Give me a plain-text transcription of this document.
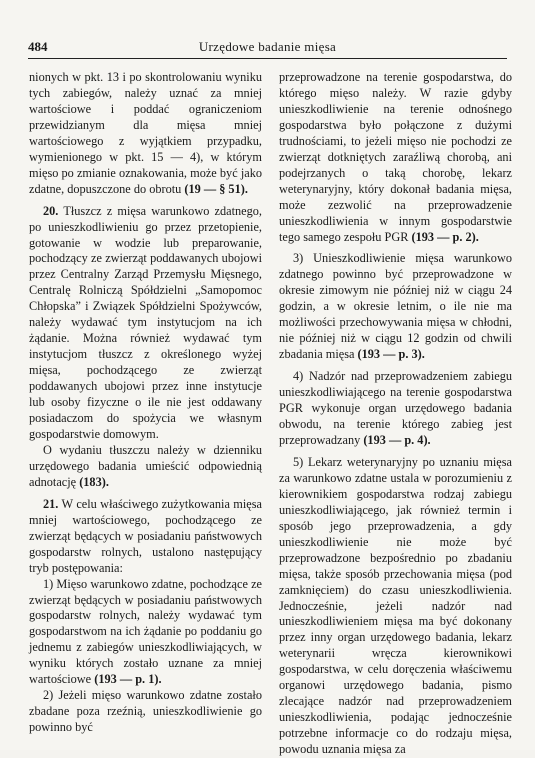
484	Urzędowe badanie mięsa

nionych w pkt. 13 i po skontrolowaniu wyniku tych zabiegów, należy uznać za mniej wartościowe i poddać ograniczeniom przewidzianym dla mięsa mniej wartościowego z wyjątkiem przypadku, wymienionego w pkt. 15 — 4), w którym mięso po zmianie oznakowania, może być jako zdatne, dopuszczone do obrotu (19 — § 51).

20. Tłuszcz z mięsa warunkowo zdatnego, po unieszkodliwieniu go przez przetopienie, gotowanie w wodzie lub preparowanie, pochodzący ze zwierząt poddawanych ubojowi przez Centralny Zarząd Przemysłu Mięsnego, Centralę Rolniczą Spółdzielni „Samopomoc Chłopska” i Związek Spółdzielni Spożywców, należy wydawać tym instytucjom na ich żądanie. Można również wydawać tym instytucjom tłuszcz z określonego wyżej mięsa, pochodzącego ze zwierząt poddawanych ubojowi przez inne instytucje lub osoby fizyczne o ile nie jest oddawany posiadaczom do spożycia we własnym gospodarstwie domowym.

O wydaniu tłuszczu należy w dzienniku urzędowego badania umieścić odpowiednią adnotację (183).

21. W celu właściwego zużytkowania mięsa mniej wartościowego, pochodzącego ze zwierząt będących w posiadaniu państwowych gospodarstw rolnych, ustalono następujący tryb postępowania:

1) Mięso warunkowo zdatne, pochodzące ze zwierząt będących w posiadaniu państwowych gospodarstw rolnych, należy wydawać tym gospodarstwom na ich żądanie po poddaniu go jednemu z zabiegów unieszkodliwiających, w wyniku których zostało uznane za mniej wartościowe (193 — p. 1).

2) Jeżeli mięso warunkowo zdatne zostało zbadane poza rzeźnią, unieszkodliwienie go powinno być

przeprowadzone na terenie gospodarstwa, do którego mięso należy. W razie gdyby unieszkodliwienie na terenie odnośnego gospodarstwa było połączone z dużymi trudnościami, to jeżeli mięso nie pochodzi ze zwierząt dotkniętych zaraźliwą chorobą, ani podejrzanych o taką chorobę, lekarz weterynaryjny, który dokonał badania mięsa, może zezwolić na przeprowadzenie unieszkodliwienia w innym gospodarstwie tego samego zespołu PGR (193 — p. 2).

3) Unieszkodliwienie mięsa warunkowo zdatnego powinno być przeprowadzone w okresie zimowym nie później niż w ciągu 24 godzin, a w okresie letnim, o ile nie ma możliwości przechowywania mięsa w chłodni, nie później niż w ciągu 12 godzin od chwili zbadania mięsa (193 — p. 3).

4) Nadzór nad przeprowadzeniem zabiegu unieszkodliwiającego na terenie gospodarstwa PGR wykonuje organ urzędowego badania obwodu, na terenie którego zabieg jest przeprowadzany (193 — p. 4).

5) Lekarz weterynaryjny po uznaniu mięsa za warunkowo zdatne ustala w porozumieniu z kierownikiem gospodarstwa rodzaj zabiegu unieszkodliwiającego, jak również termin i sposób jego przeprowadzenia, a gdy unieszkodliwienie nie może być przeprowadzone bezpośrednio po zbadaniu mięsa, także sposób przechowania mięsa (pod zamknięciem) do czasu unieszkodliwienia. Jednocześnie, jeżeli nadzór nad unieszkodliwieniem mięsa ma być dokonany przez inny organ urzędowego badania, lekarz weterynarii wręcza kierownikowi gospodarstwa, w celu doręczenia właściwemu organowi urzędowego badania, pismo zlecające nadzór nad przeprowadzeniem unieszkodliwienia, podając jednocześnie potrzebne informacje co do rodzaju mięsa, powodu uznania mięsa za
